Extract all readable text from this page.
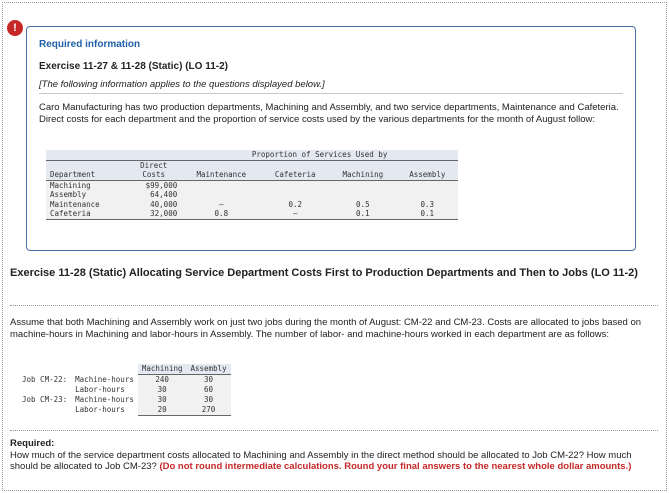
!

Required information

Exercise 11-27 & 11-28 (Static) (LO 11-2)

[The following information applies to the questions displayed below.]

Caro Manufacturing has two production departments, Machining and Assembly, and two service departments, Maintenance and Cafeteria. Direct costs for each department and the proportion of service costs used by the various departments for the month of August follow:

		Proportion of Services Used by			
	Direct				
Department	Costs	Maintenance	Cafeteria	Machining	Assembly
Machining	$99,000				
Assembly	64,400				
Maintenance	40,000	–	0.2	0.5	0.3
Cafeteria	32,000	0.8	–	0.1	0.1

Exercise 11-28 (Static) Allocating Service Department Costs First to Production Departments and Then to Jobs (LO 11-2)

Assume that both Machining and Assembly work on just two jobs during the month of August: CM-22 and CM-23. Costs are allocated to jobs based on machine-hours in Machining and labor-hours in Assembly. The number of labor- and machine-hours worked in each department are as follows:

		Machining	Assembly
Job CM-22:	Machine-hours	240	30
	Labor-hours	30	60
Job CM-23:	Machine-hours	30	30
	Labor-hours	20	270

Required:
How much of the service department costs allocated to Machining and Assembly in the direct method should be allocated to Job CM-22? How much should be allocated to Job CM-23? (Do not round intermediate calculations. Round your final answers to the nearest whole dollar amounts.)
